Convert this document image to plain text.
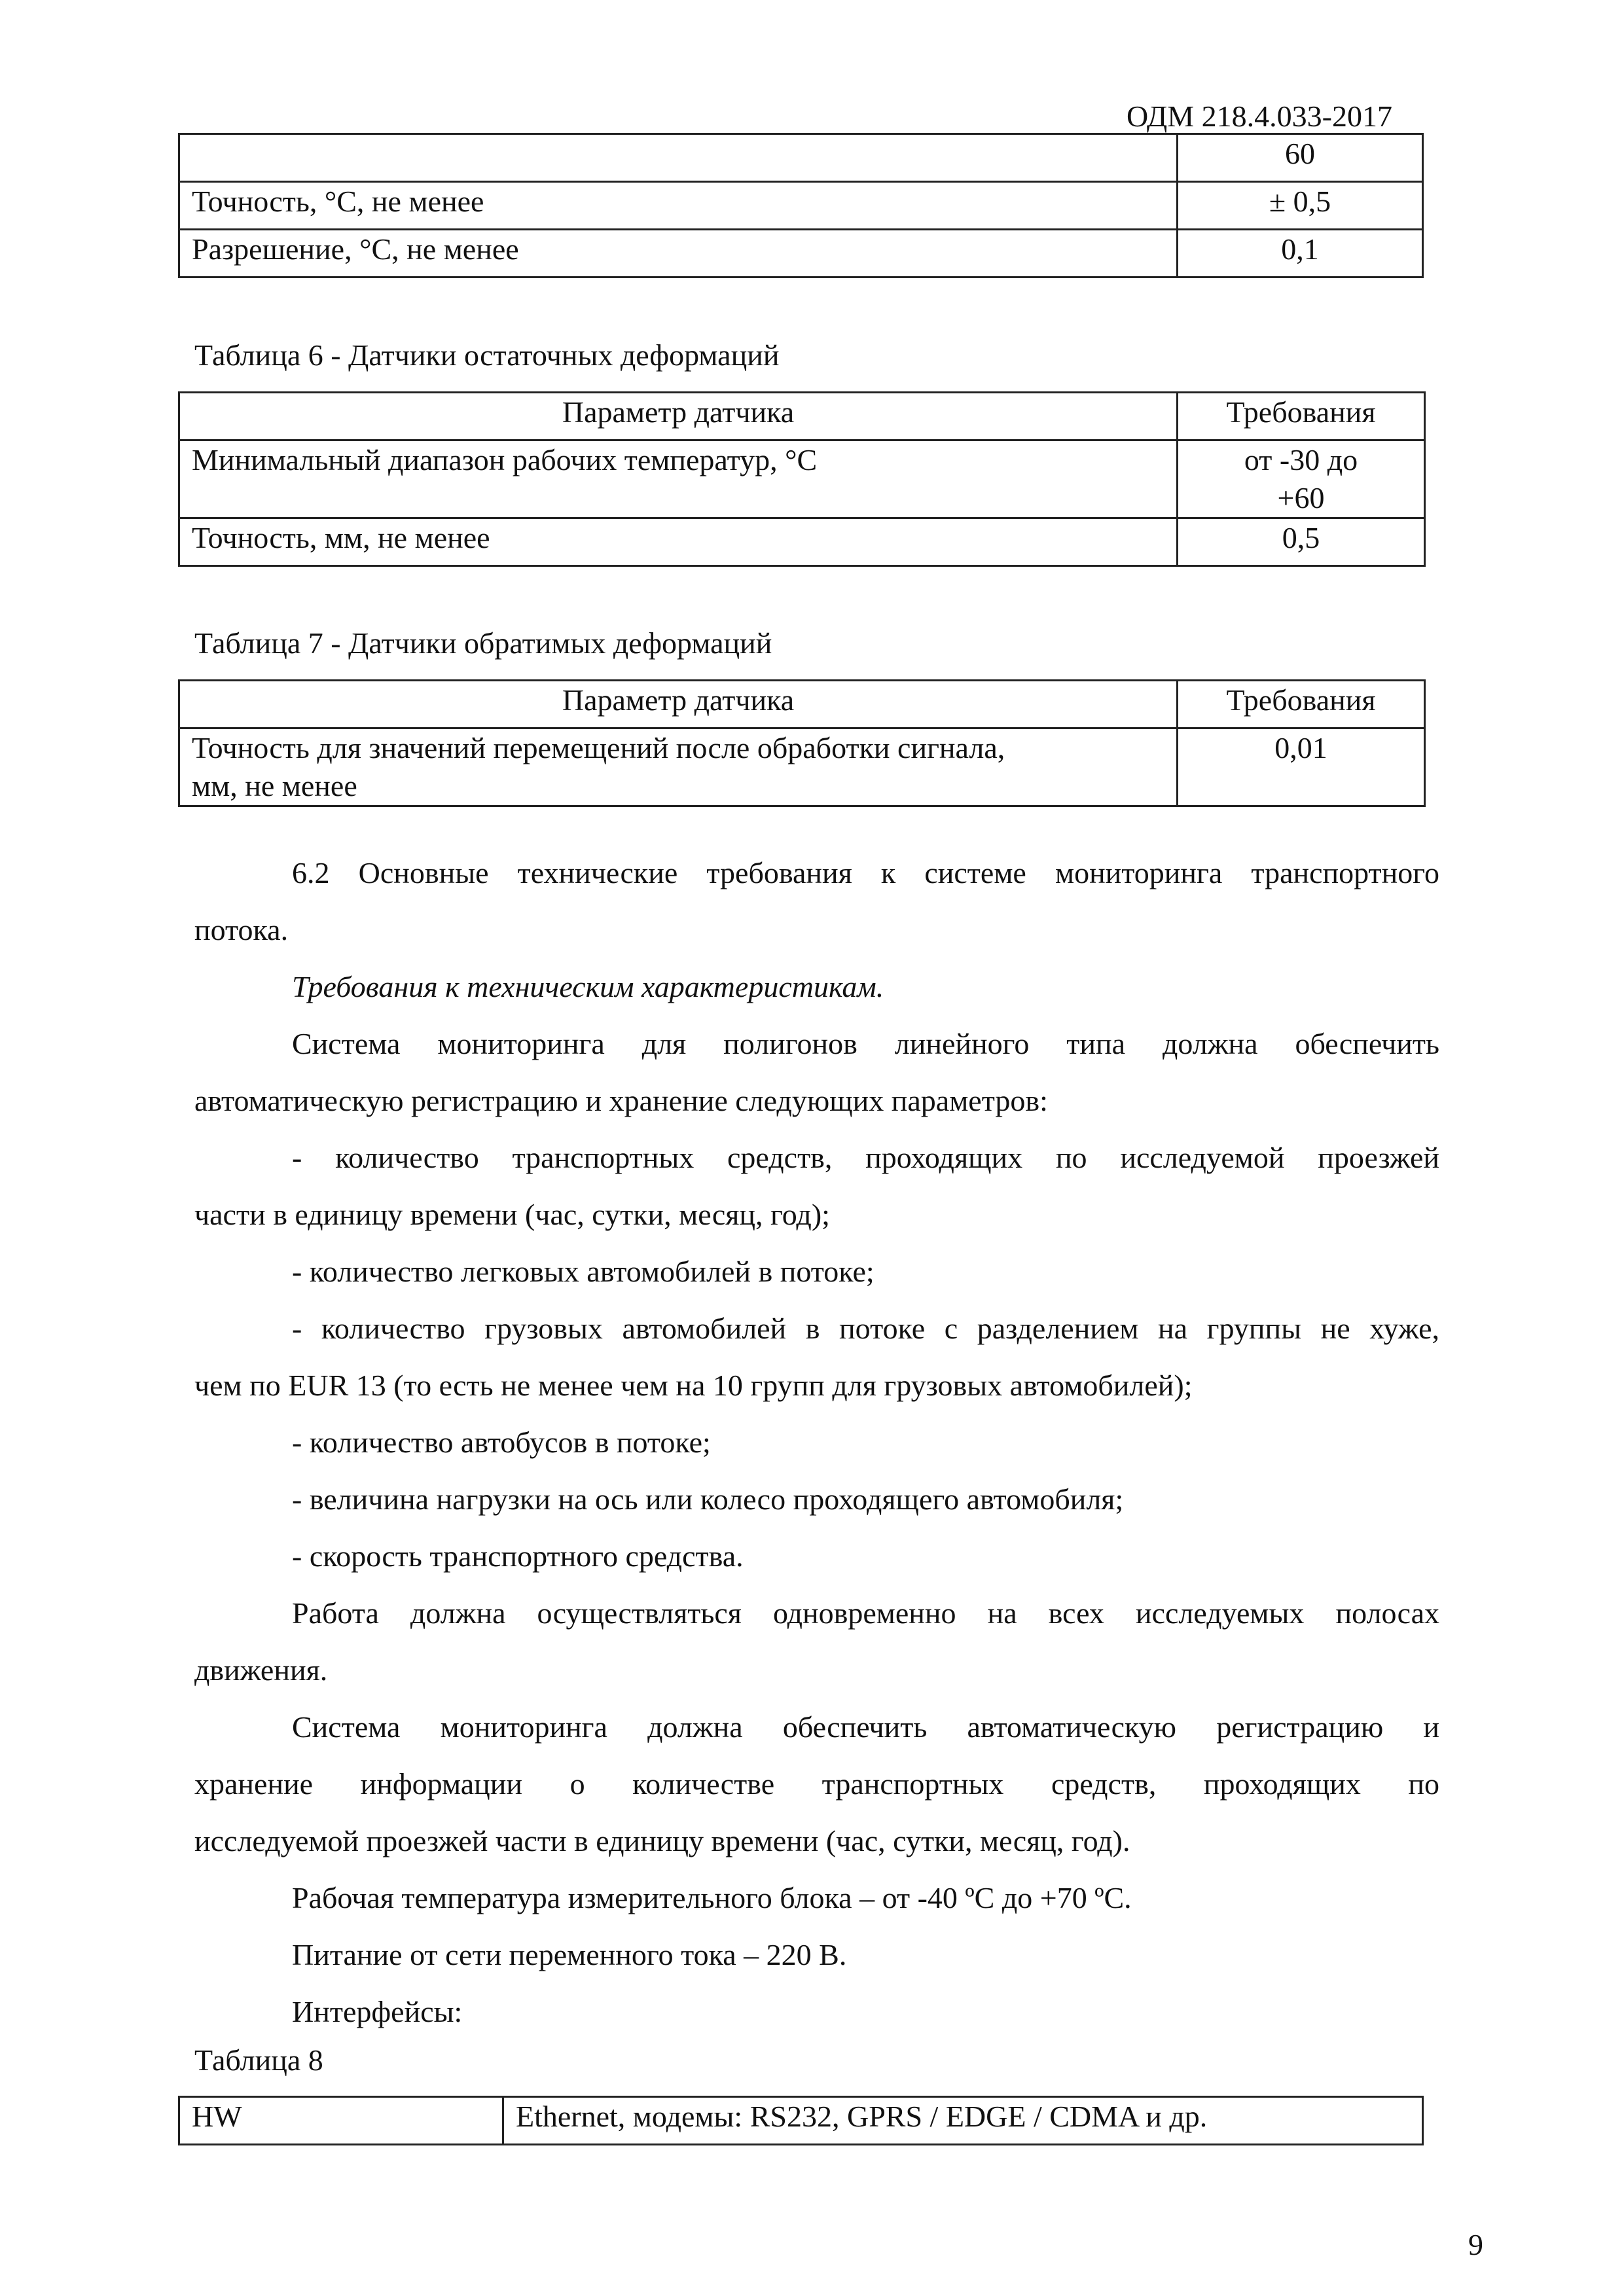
ОДМ 218.4.033-2017
	60
Точность, °С, не менее	± 0,5
Разрешение, °С, не менее	0,1
Таблица 6 - Датчики остаточных деформаций
Параметр датчика	Требования
Минимальный диапазон рабочих температур, °С	от -30 до
+60

Точность, мм, не менее	0,5
Таблица 7 - Датчики обратимых деформаций
Параметр датчика	Требования

Точность для значений перемещений после обработки сигнала,
мм, не менее	0,01
6.2 Основные технические требования к системе мониторинга транспортного
потока.
Требования к техническим характеристикам.
Система мониторинга для полигонов линейного типа должна обеспечить
автоматическую регистрацию и хранение следующих параметров:
- количество транспортных средств, проходящих по исследуемой проезжей
части в единицу времени (час, сутки, месяц, год);
- количество легковых автомобилей в потоке;
- количество грузовых автомобилей в потоке с разделением на группы не хуже,
чем по EUR 13 (то есть не менее чем на 10 групп для грузовых автомобилей);
- количество автобусов в потоке;
- величина нагрузки на ось или колесо проходящего автомобиля;
- скорость транспортного средства.
Работа должна осуществляться одновременно на всех исследуемых полосах
движения.
Система мониторинга должна обеспечить автоматическую регистрацию и
хранение информации о количестве транспортных средств, проходящих по
исследуемой проезжей части в единицу времени (час, сутки, месяц, год).
Рабочая температура измерительного блока – от -40 ºС до +70 ºС.
Питание от сети переменного тока – 220 В.
Интерфейсы:
Таблица 8
HW	Ethernet, модемы: RS232, GPRS / EDGE / CDMA и др.
9
